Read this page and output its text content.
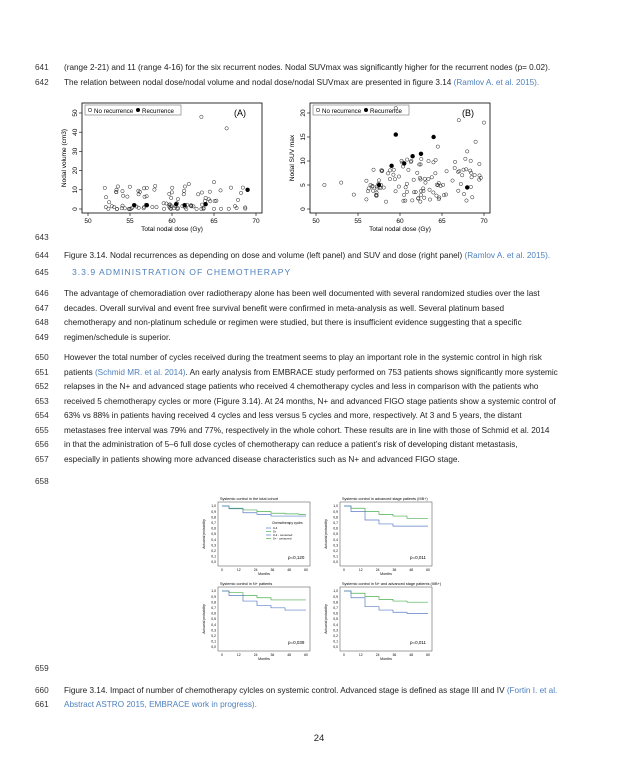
641
642
(range 2-21) and 11 (range 4-16) for the six recurrent nodes. Nodal SUVmax was significantly higher for the recurrent nodes (p= 0.02).
The relation between nodal dose/nodal volume and nodal dose/nodal SUVmax are presented in figure 3.14 (Ramlov A. et al. 2015).
No recurrence Recurrence	(A)
50	55	60	65	70
Total nodal dose (Gy)
0
10
20
30
40
50
Nodal volume (cm3)
No recurrence Recurrence	(B)
50	55	60	65	70
Total nodal dose (Gy)
0
5
10
15
20
Nodal SUV max
643
644 Figure 3.14. Nodal recurrences as depending on dose and volume (left panel) and SUV and dose (right panel) (Ramlov A. et al. 2015).
645	3.3.9 ADMINISTRATION OF CHEMOTHERAPY
646
647
648
649
The advantage of chemoradiation over radiotherapy alone has been well documented with several randomized studies over the last
decades. Overall survival and event free survival benefit were confirmed in meta-analysis as well. Several platinum based
chemotherapy and non-platinum schedule or regimen were studied, but there is insufficient evidence suggesting that a specific
regimen/schedule is superior.
650
651
652
653
654
655
656
657
However the total number of cycles received during the treatment seems to play an important role in the systemic control in high risk
patients (Schmid MR. et al. 2014). An early analysis from EMBRACE study performed on 753 patients shows significantly more systemic
relapses in the N+ and advanced stage patients who received 4 chemotherapy cycles and less in comparison with the patients who
received 5 chemotherapy cycles or more (Figure 3.14). At 24 months, N+ and advanced FIGO stage patients show a systemic control of
63% vs 88% in patients having received 4 cycles and less versus 5 cycles and more, respectively. At 3 and 5 years, the distant
metastases free interval was 79% and 77%, respectively in the whole cohort. These results are in line with those of Schmid et al. 2014
in that the administration of 5–6 full dose cycles of chemotherapy can reduce a patient’s risk of developing distant metastasis,
especially in patients showing more advanced disease characteristics such as N+ and advanced FIGO stage.
658
Systemic control in the total cohort
0,0
0,1
0,2
0,3
0,4
0,5
0,6
0,7
0,8
0,9
1,0
Actuarial probability
0	12	24	36	48	60
Months
p=0,120
Chemotherapy cycles
0-4
5+
0-4 - censored
5+ - censored
Systemic control in advanced stage patients (IIIB+)
0,0
0,1
0,2
0,3
0,4
0,5
0,6
0,7
0,8
0,9
1,0
Actuarial probability
0	12	24	36	48	60
Months
p=0,011
Systemic control in N+ patients
0,0
0,1
0,2
0,3
0,4
0,5
0,6
0,7
0,8
0,9
1,0
Actuarial probability
0	12	24	36	48	60
Months
p=0,039
Systemic control in N+ and advanced stage patients (IIIB+)
0,0
0,1
0,2
0,3
0,4
0,5
0,6
0,7
0,8
0,9
1,0
Actuarial probability
0	12	24	36	48	60
Months
p=0,011
659
660
661
Figure 3.14. Impact of number of chemotherapy cylcles on systemic control. Advanced stage is defined as stage III and IV (Fortin I. et al.
Abstract ASTRO 2015, EMBRACE work in progress).
24
